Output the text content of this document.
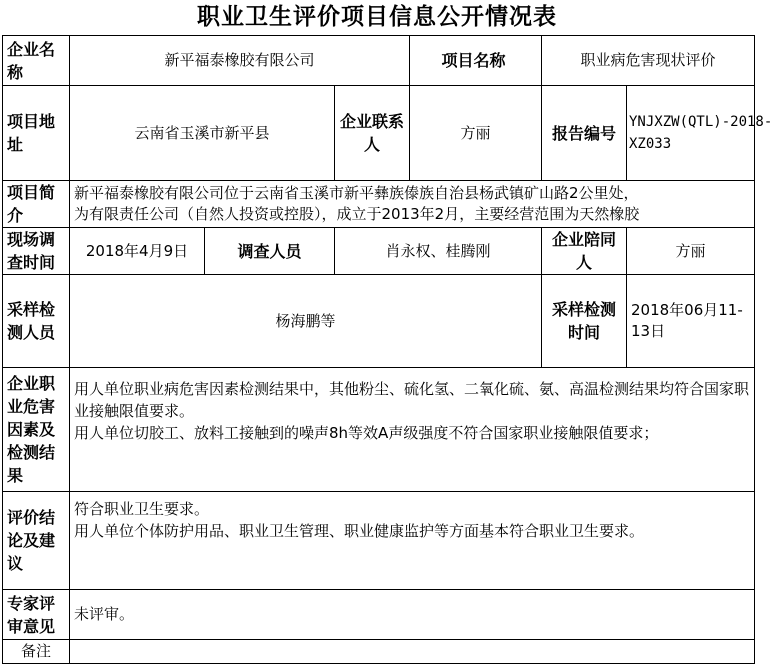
职业卫生评价项目信息公开情况表
企业名称	新平福泰橡胶有限公司			项目名称	职业病危害现状评价	
项目地址	云南省玉溪市新平县		企业联系人	方丽	报告编号	YNJXZW(QTL)-2018-XZ033
项目简介	新平福泰橡胶有限公司位于云南省玉溪市新平彝族傣族自治县杨武镇矿山路2公里处，
为有限责任公司（自然人投资或控股），成立于2013年2月，主要经营范围为天然橡胶					

现场调查时间	2018年4月9日	调查人员	肖永权、桂腾刚		企业陪同人	方丽
采样检测人员	杨海鹏等				采样检测时间	2018年06月11-13日
企业职业危害因素及检测结果	用人单位职业病危害因素检测结果中，其他粉尘、硫化氢、二氧化硫、氨、高温检测结果均符合国家职业接触限值要求。
用人单位切胶工、放料工接触到的噪声8h等效A声级强度不符合国家职业接触限值要求；					

评价结论及建议	符合职业卫生要求。
用人单位个体防护用品、职业卫生管理、职业健康监护等方面基本符合职业卫生要求。					

专家评审意见	未评审。					
备注						
